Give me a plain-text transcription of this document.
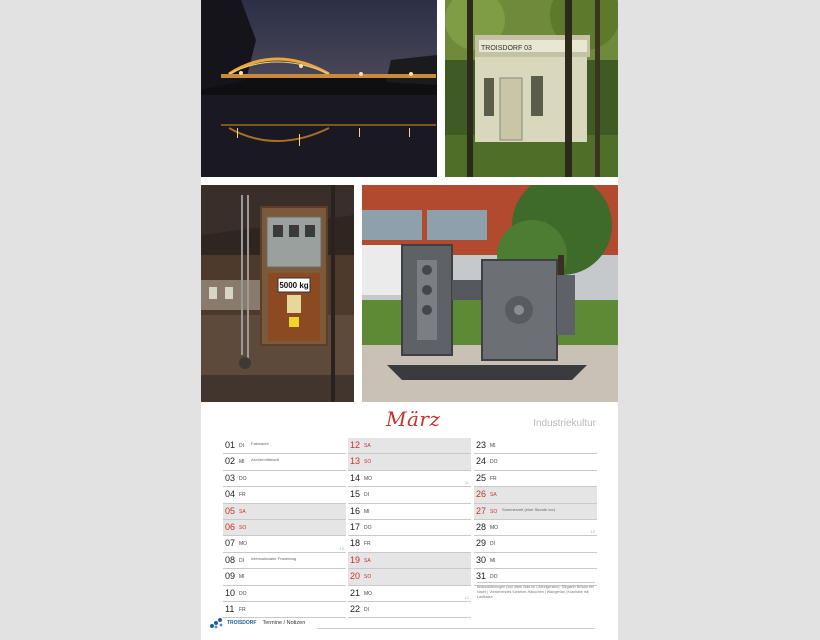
TROISDORF 03
5000 kg
März	Industriekultur
01 DI Fastnacht
02 MI Aschermittwoch
03 DO
04 FR
05 SA
06 SO
07 MO
10
08 DI Internationaler Frauentag
09 MI
10 DO
11 FR
12 SA
13 SO
14 MO
11
15 DI
16 MI
17 DO
18 FR
19 SA
20 SO
21 MO
12
22 DI
23 MI
24 DO
25 FR
26 SA
27 SO Sommerzeit (eine Stunde vor)
28 MO
13
29 DI
30 MI
31 DO
Bilderläuterungen (von oben links im Uhrzeigersinn): Sieglarer Brücke bei Nacht | Vorstehendes Schieber-Häuschen | Walzgerüst | Kranhalle mit Laufkatze
TROISDORF Termine / Notizen
